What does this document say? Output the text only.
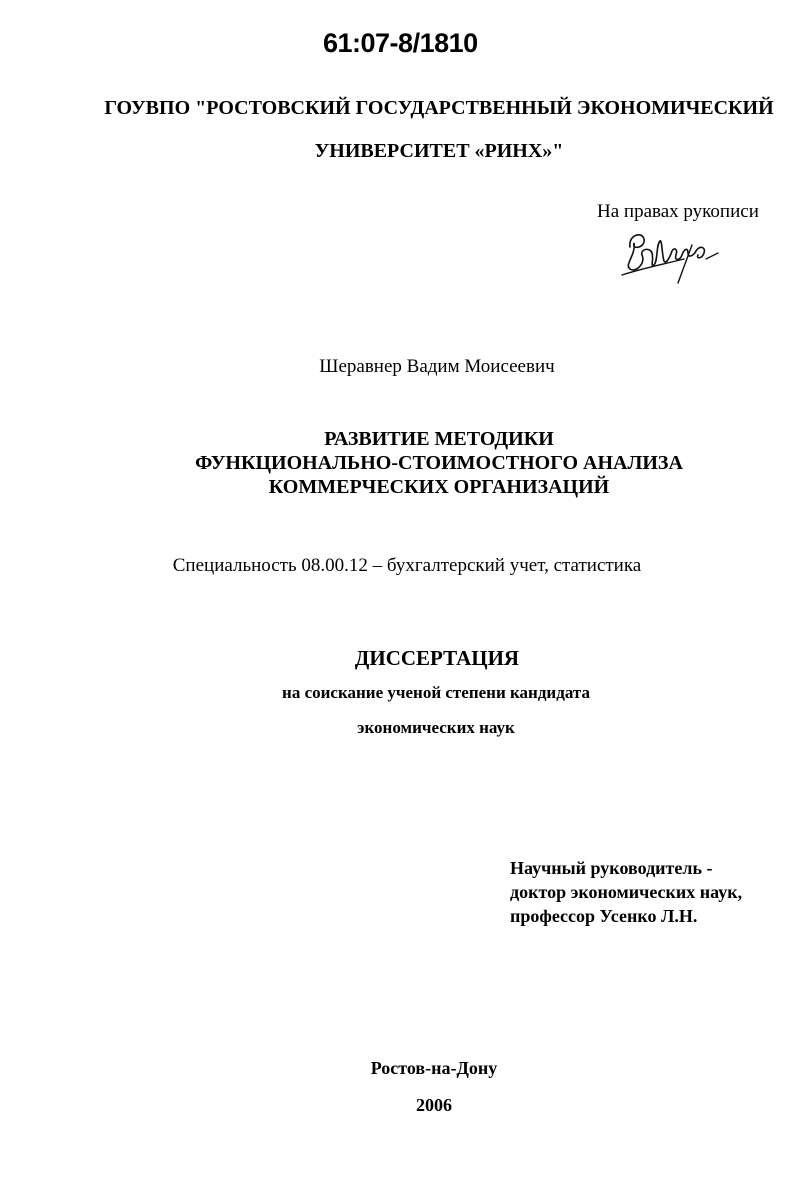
61:07-8/1810
ГОУВПО "РОСТОВСКИЙ ГОСУДАРСТВЕННЫЙ ЭКОНОМИЧЕСКИЙ
УНИВЕРСИТЕТ «РИНХ»"
На правах рукописи
Шеравнер Вадим Моисеевич
РАЗВИТИЕ МЕТОДИКИ
ФУНКЦИОНАЛЬНО-СТОИМОСТНОГО АНАЛИЗА
КОММЕРЧЕСКИХ ОРГАНИЗАЦИЙ
Специальность 08.00.12 – бухгалтерский учет, статистика
ДИССЕРТАЦИЯ
на соискание ученой степени кандидата
экономических наук
Научный руководитель -
доктор экономических наук,
профессор Усенко Л.Н.
Ростов-на-Дону
2006
